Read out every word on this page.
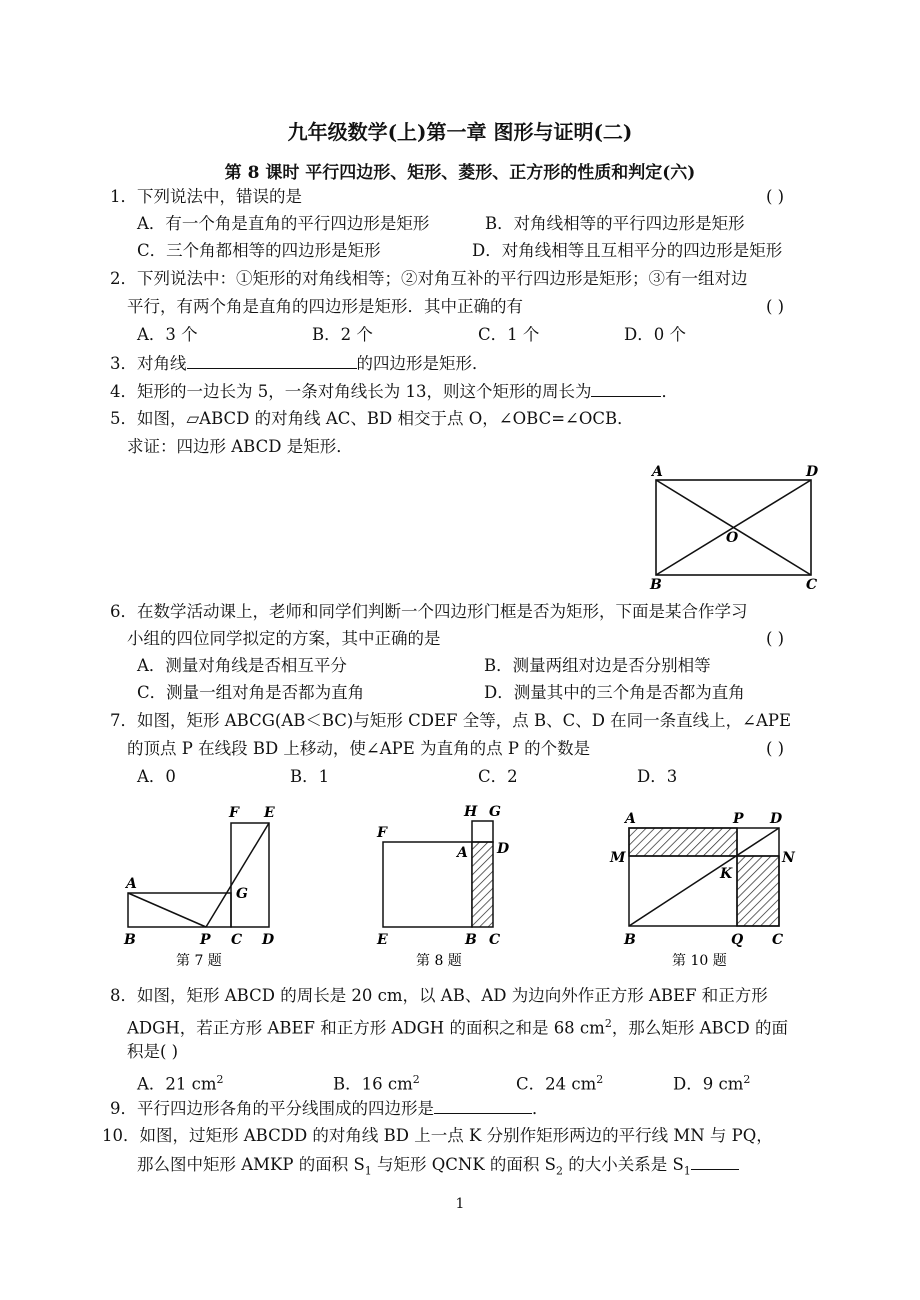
九年级数学(上)第一章 图形与证明(二)
第 8 课时 平行四边形、矩形、菱形、正方形的性质和判定(六)
1．下列说法中，错误的是	( )
A．有一个角是直角的平行四边形是矩形	B．对角线相等的平行四边形是矩形
C．三个角都相等的四边形是矩形	D．对角线相等且互相平分的四边形是矩形
2．下列说法中：①矩形的对角线相等；②对角互补的平行四边形是矩形；③有一组对边
平行，有两个角是直角的四边形是矩形．其中正确的有	( )
A．3 个	B．2 个	C．1 个	D．0 个
3．对角线	的四边形是矩形．
4．矩形的一边长为 5，一条对角线长为 13，则这个矩形的周长为	．
5．如图，▱ABCD 的对角线 AC、BD 相交于点 O，∠OBC=∠OCB．
求证：四边形 ABCD 是矩形．
A	D
O
B	C
6．在数学活动课上，老师和同学们判断一个四边形门框是否为矩形，下面是某合作学习
小组的四位同学拟定的方案，其中正确的是	( )
A．测量对角线是否相互平分	B．测量两组对边是否分别相等
C．测量一组对角是否都为直角	D．测量其中的三个角是否都为直角
7．如图，矩形 ABCG(AB＜BC)与矩形 CDEF 全等，点 B、C、D 在同一条直线上，∠APE
的顶点 P 在线段 BD 上移动，使∠APE 为直角的点 P 的个数是	( )
A．0	B．1	C．2	D．3
F E
A
G
B	P C D
第 7 题
H G
F
A D
E	B C
第 8 题
A	P D
M	N
K
B	Q C
第 10 题
8．如图，矩形 ABCD 的周长是 20 cm，以 AB、AD 为边向外作正方形 ABEF 和正方形
ADGH，若正方形 ABEF 和正方形 ADGH 的面积之和是 68 $cm^2$，那么矩形 ABCD 的面
积是( )
A．21 $cm^2$	B．16 $cm^2$	C．24 $cm^2$	D．9 $cm^2$
9．平行四边形各角的平分线围成的四边形是	．
10．如图，过矩形 ABCDD 的对角线 BD 上一点 K 分别作矩形两边的平行线 MN 与 PQ，
那么图中矩形 AMKP 的面积 $S_1$ 与矩形 QCNK 的面积 $S_2$ 的大小关系是 $S_1$
1
